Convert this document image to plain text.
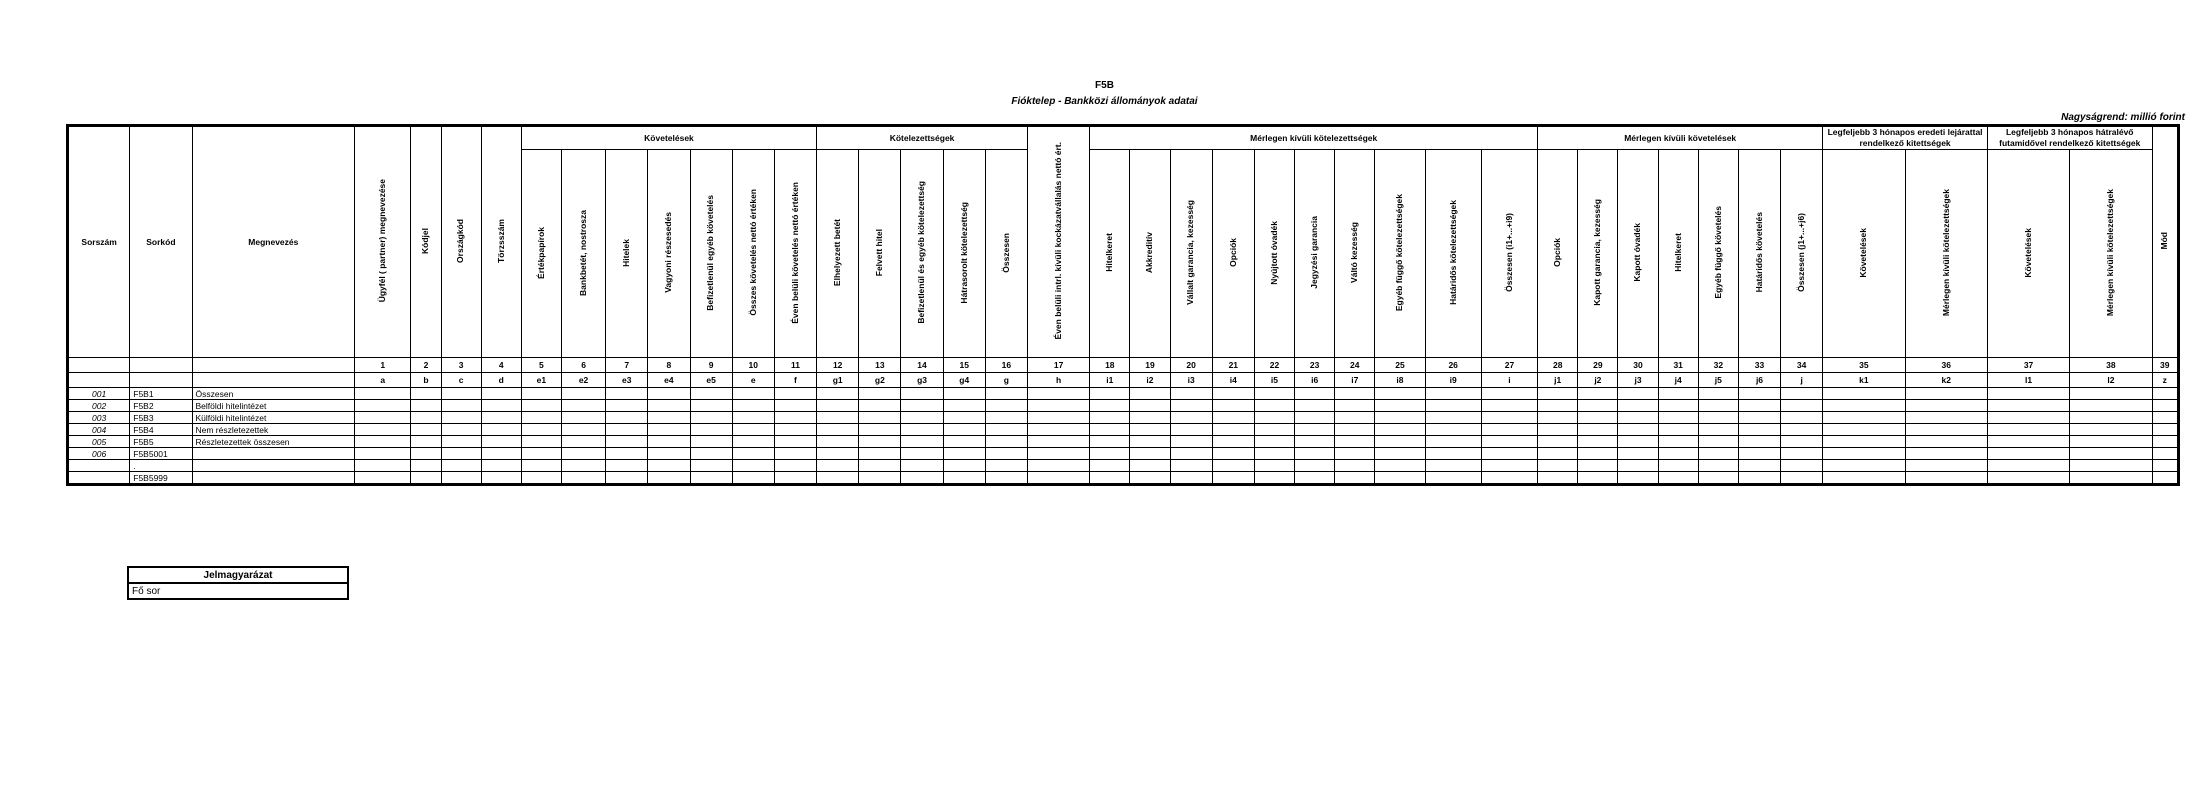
F5B
Fióktelep - Bankközi állományok adatai
Nagyságrend: millió forint
Sorszám	Sorkód	Megnevezés	Ügyfél ( partner) megnevezése	Kódjel	Országkód	Törzsszám	Követelések							Kötelezettségek					Éven belüli intrl. kívüli kockázatvállalás nettó ért.	Mérlegen kívüli kötelezettségek										Mérlegen kívüli követelések							Legfeljebb 3 hónapos eredeti lejárattal rendelkező kitettségek		Legfeljebb 3 hónapos hátralévő futamidővel rendelkező kitettségek		Mód
							Értékpapírok	Bankbetét, nostrosza	Hitelek	Vagyoni részesedés	Befizetlenül egyéb követelés	Összes követelés nettó értéken	Éven belüli követelés nettó értéken	Elhelyezett betét	Felvett hitel	Befizetlenül és egyéb kötelezettség	Hátrasorolt kötelezettség	Összesen		Hitelkeret	Akkreditív	Vállalt garancia, kezesség	Opciók	Nyújtott óvadék	Jegyzési garancia	Váltó kezesség	Egyéb függő kötelezettségek	Határidős kötelezettségek	Összesen (i1+...+i9)	Opciók	Kapott garancia, kezesség	Kapott óvadék	Hitelkeret	Egyéb függő követelés	Határidős követelés	Összesen (j1+...+j6)	Követelések	Mérlegen kívüli kötelezettségek	Követelések	Mérlegen kívüli kötelezettségek	
			1	2	3	4	5	6	7	8	9	10	11	12	13	14	15	16	17	18	19	20	21	22	23	24	25	26	27	28	29	30	31	32	33	34	35	36	37	38	39
			a	b	c	d	e1	e2	e3	e4	e5	e	f	g1	g2	g3	g4	g	h	i1	i2	i3	i4	i5	i6	i7	i8	i9	i	j1	j2	j3	j4	j5	j6	j	k1	k2	l1	l2	z
001	F5B1	Összesen																																							
002	F5B2	Belföldi hitelintézet																																							
003	F5B3	Külföldi hitelintézet																																							
004	F5B4	Nem részletezettek																																							
005	F5B5	Részletezettek összesen																																							
006	F5B5001																																								
	.																																								
	F5B5999																																								
Jelmagyarázat
Fő sor
